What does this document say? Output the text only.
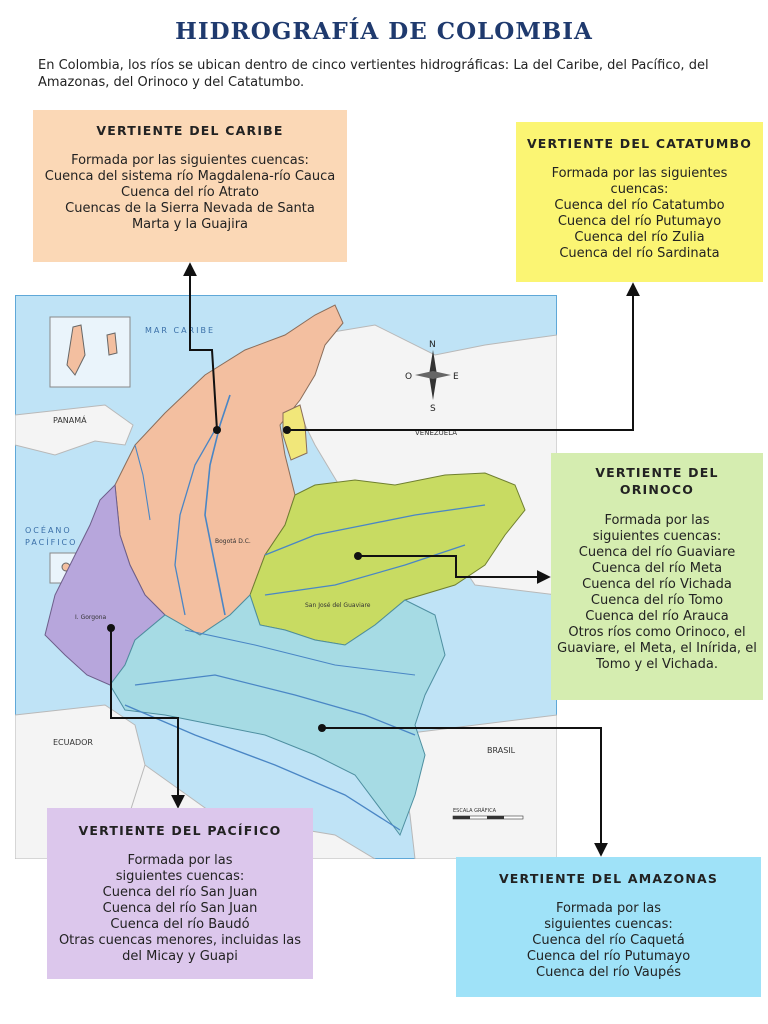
HIDROGRAFÍA DE COLOMBIA
En Colombia, los ríos se ubican dentro de cinco vertientes hidrográficas: La del Caribe, del Pacífico, del Amazonas, del Orinoco y del Catatumbo.
MAR CARIBE
PANAMÁ
VENEZUELA
OCÉANO
PACÍFICO
ECUADOR
BRASIL
Bogotá D.C.
San José del Guaviare
I. Gorgona
N
S
E
O
ESCALA GRÁFICA
VERTIENTE DEL CARIBE
Formada por las siguientes cuencas:
Cuenca del sistema río Magdalena-río Cauca
Cuenca del río Atrato
Cuencas de la Sierra Nevada de Santa Marta y la Guajira
VERTIENTE DEL CATATUMBO
Formada por las siguientes cuencas:
Cuenca del río Catatumbo
Cuenca del río Putumayo
Cuenca del río Zulia
Cuenca del río Sardinata
VERTIENTE DEL ORINOCO
Formada por las siguientes cuencas:
Cuenca del río Guaviare
Cuenca del río Meta
Cuenca del río Vichada
Cuenca del río Tomo
Cuenca del río Arauca
Otros ríos como Orinoco, el Guaviare, el Meta, el Inírida, el Tomo y el Vichada.
VERTIENTE DEL PACÍFICO
Formada por las siguientes cuencas:
Cuenca del río San Juan
Cuenca del río San Juan
Cuenca del río Baudó
Otras cuencas menores, incluidas las del Micay y Guapi
VERTIENTE DEL AMAZONAS
Formada por las siguientes cuencas:
Cuenca del río Caquetá
Cuenca del río Putumayo
Cuenca del río Vaupés
